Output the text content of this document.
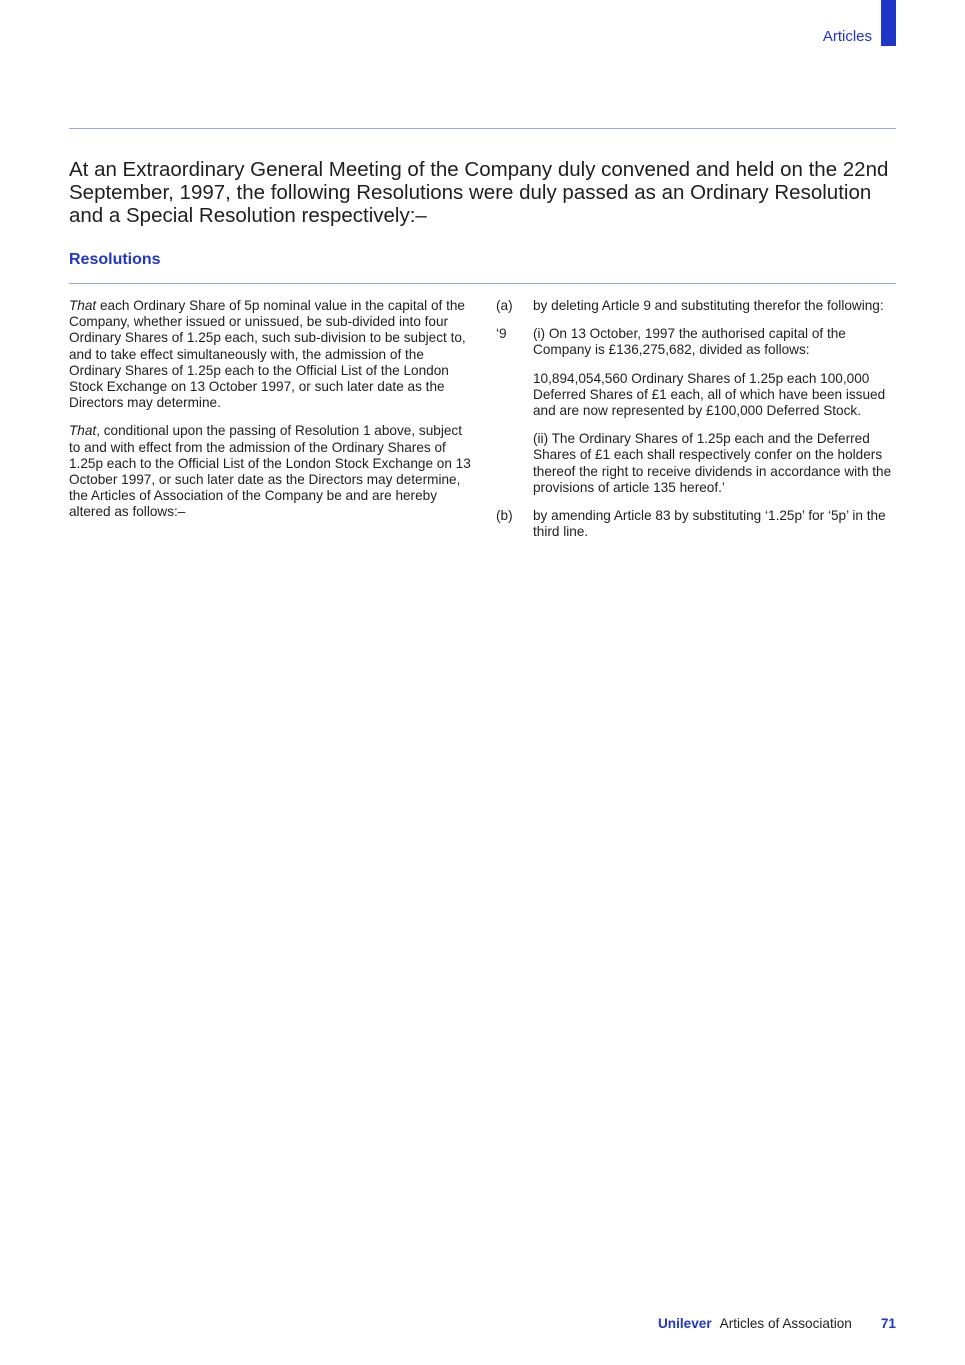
Articles

At an Extraordinary General Meeting of the Company duly convened and held on the 22nd September, 1997, the following Resolutions were duly passed as an Ordinary Resolution and a Special Resolution respectively:–

Resolutions

That each Ordinary Share of 5p nominal value in the capital of the Company, whether issued or unissued, be sub-divided into four Ordinary Shares of 1.25p each, such sub-division to be subject to, and to take effect simultaneously with, the admission of the Ordinary Shares of 1.25p each to the Official List of the London Stock Exchange on 13 October 1997, or such later date as the Directors may determine.

That, conditional upon the passing of Resolution 1 above, subject to and with effect from the admission of the Ordinary Shares of 1.25p each to the Official List of the London Stock Exchange on 13 October 1997, or such later date as the Directors may determine, the Articles of Association of the Company be and are hereby altered as follows:–

(a)	by deleting Article 9 and substituting therefor the following:

‘9	(i) On 13 October, 1997 the authorised capital of the Company is £136,275,682, divided as follows:

10,894,054,560 Ordinary Shares of 1.25p each 100,000 Deferred Shares of £1 each, all of which have been issued and are now represented by £100,000 Deferred Stock.

(ii) The Ordinary Shares of 1.25p each and the Deferred Shares of £1 each shall respectively confer on the holders thereof the right to receive dividends in accordance with the provisions of article 135 hereof.’

(b)	by amending Article 83 by substituting ‘1.25p’ for ‘5p’ in the third line.

Unilever Articles of Association 71
